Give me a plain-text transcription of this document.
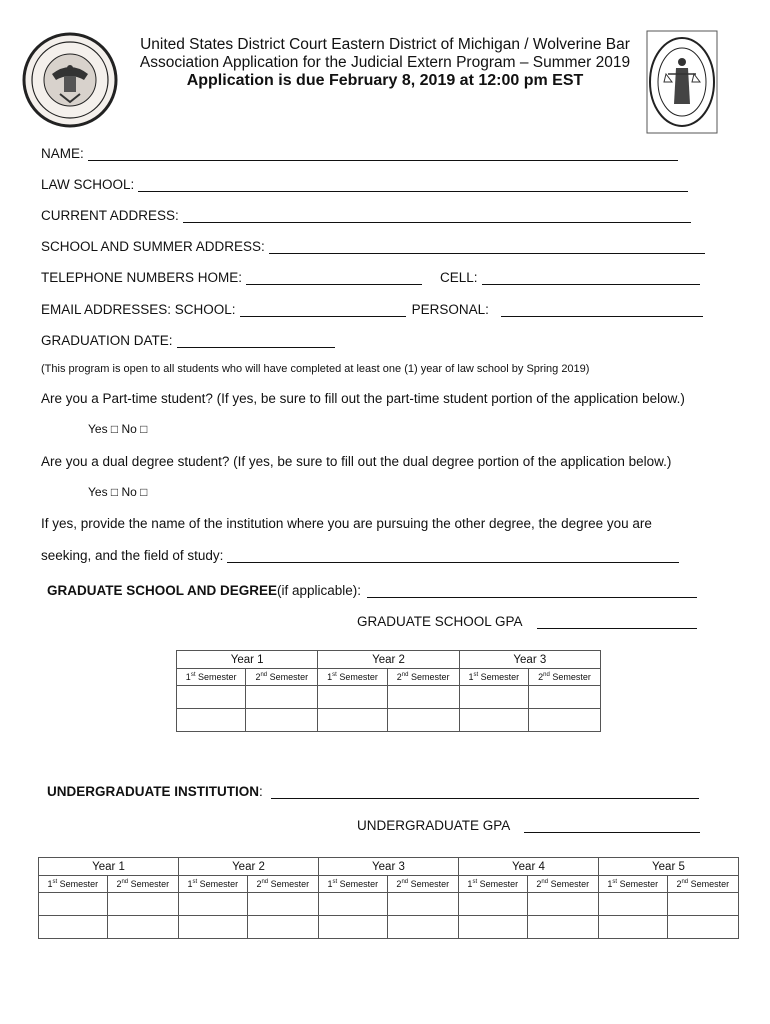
United States District Court Eastern District of Michigan / Wolverine Bar
Association Application for the Judicial Extern Program – Summer 2019
Application is due February 8, 2019 at 12:00 pm EST
NAME:
LAW SCHOOL:
CURRENT ADDRESS:
SCHOOL AND SUMMER ADDRESS:
TELEPHONE NUMBERS HOME:	CELL:
EMAIL ADDRESSES: SCHOOL:	PERSONAL:
GRADUATION DATE:
(This program is open to all students who will have completed at least one (1) year of law school by Spring 2019)
Are you a Part-time student? (If yes, be sure to fill out the part-time student portion of the application below.)
Yes □ No □
Are you a dual degree student? (If yes, be sure to fill out the dual degree portion of the application below.)
Yes □ No □
If yes, provide the name of the institution where you are pursuing the other degree, the degree you are
seeking, and the field of study:
GRADUATE SCHOOL AND DEGREE (if applicable):
GRADUATE SCHOOL GPA
Year 1		Year 2		Year 3	
1st Semester	2nd Semester	1st Semester	2nd Semester	1st Semester	2nd Semester

UNDERGRADUATE INSTITUTION :
UNDERGRADUATE GPA
Year 1		Year 2		Year 3		Year 4		Year 5	
1st Semester	2nd Semester	1st Semester	2nd Semester	1st Semester	2nd Semester	1st Semester	2nd Semester	1st Semester	2nd Semester
